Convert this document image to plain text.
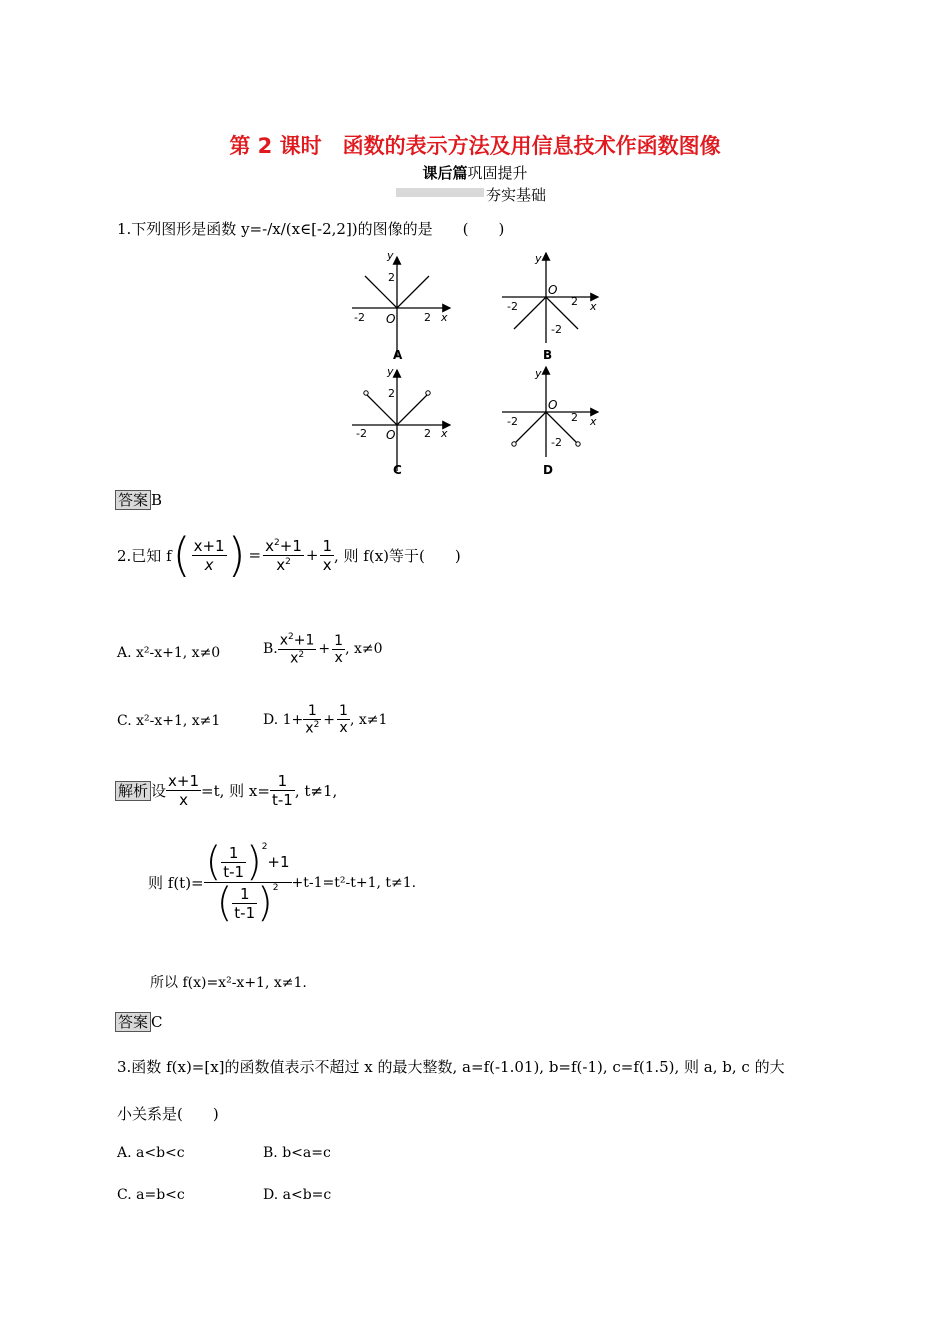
第 2 课时　函数的表示方法及用信息技术作函数图像
课后篇巩固提升
夯实基础
1.下列图形是函数 y=-/x/(x∈[-2,2])的图像的是　　(　　)
y
2
-2 O	2 x
A
y
O
-2	2 x
-2
B
y
2
-2 O	2 x
C
y
O
-2	2 x
-2
D
答案 B
2.已知 f ( $\frac{x+1}{x}$ ) = $\frac{x^2+1}{x^2} + \frac{1}{x}$ , 则 f(x)等于(　　)
A. x²-x+1, x≠0	B. $\frac{x^2+1}{x^2} + \frac{1}{x}$ , x≠0
C. x²-x+1, x≠1	D. $1+ \frac{1}{x^2} + \frac{1}{x}$ , x≠1
解析 设 $\frac{x+1}{x} =t$, 则 $x= \frac{1}{t-1}$ , t≠1,
则 f(t)= ( $\frac{1}{t-1} )^2$
+1
( $\frac{1}{t-1} )^2 +t-1=t^2-t+1$, t≠1.
所以 f(x)=x²-x+1, x≠1.
答案 C
3.函数 f(x)=[x]的函数值表示不超过 x 的最大整数, a=f(-1.01), b=f(-1), c=f(1.5), 则 a, b, c 的大
小关系是(　　)
A. a<b<c	B. b<a=c
C. a=b<c	D. a<b=c
